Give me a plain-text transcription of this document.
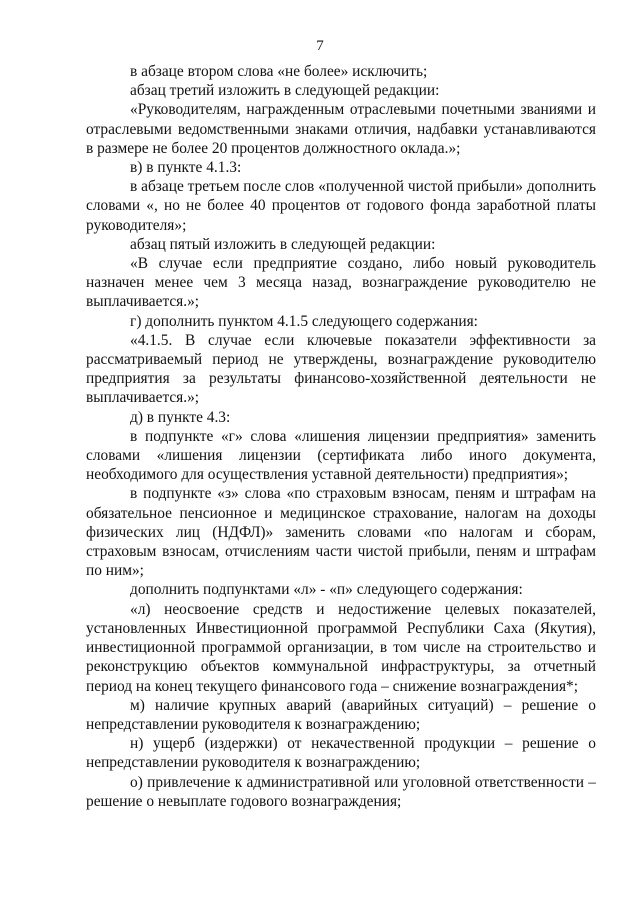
7

в абзаце втором слова «не более» исключить;

абзац третий изложить в следующей редакции:

«Руководителям, награжденным отраслевыми почетными званиями и отраслевыми ведомственными знаками отличия, надбавки устанавливаются в размере не более 20 процентов должностного оклада.»;

в) в пункте 4.1.3:

в абзаце третьем после слов «полученной чистой прибыли» дополнить словами «, но не более 40 процентов от годового фонда заработной платы руководителя»;

абзац пятый изложить в следующей редакции:

«В случае если предприятие создано, либо новый руководитель назначен менее чем 3 месяца назад, вознаграждение руководителю не выплачивается.»;

г) дополнить пунктом 4.1.5 следующего содержания:

«4.1.5. В случае если ключевые показатели эффективности за рассматриваемый период не утверждены, вознаграждение руководителю предприятия за результаты финансово-хозяйственной деятельности не выплачивается.»;

д) в пункте 4.3:

в подпункте «г» слова «лишения лицензии предприятия» заменить словами «лишения лицензии (сертификата либо иного документа, необходимого для осуществления уставной деятельности) предприятия»;

в подпункте «з» слова «по страховым взносам, пеням и штрафам на обязательное пенсионное и медицинское страхование, налогам на доходы физических лиц (НДФЛ)» заменить словами «по налогам и сборам, страховым взносам, отчислениям части чистой прибыли, пеням и штрафам по ним»;

дополнить подпунктами «л» - «п» следующего содержания:

«л) неосвоение средств и недостижение целевых показателей, установленных Инвестиционной программой Республики Саха (Якутия), инвестиционной программой организации, в том числе на строительство и реконструкцию объектов коммунальной инфраструктуры, за отчетный период на конец текущего финансового года – снижение вознаграждения*;

м) наличие крупных аварий (аварийных ситуаций) – решение о непредставлении руководителя к вознаграждению;

н) ущерб (издержки) от некачественной продукции – решение о непредставлении руководителя к вознаграждению;

о) привлечение к административной или уголовной ответственности – решение о невыплате годового вознаграждения;
